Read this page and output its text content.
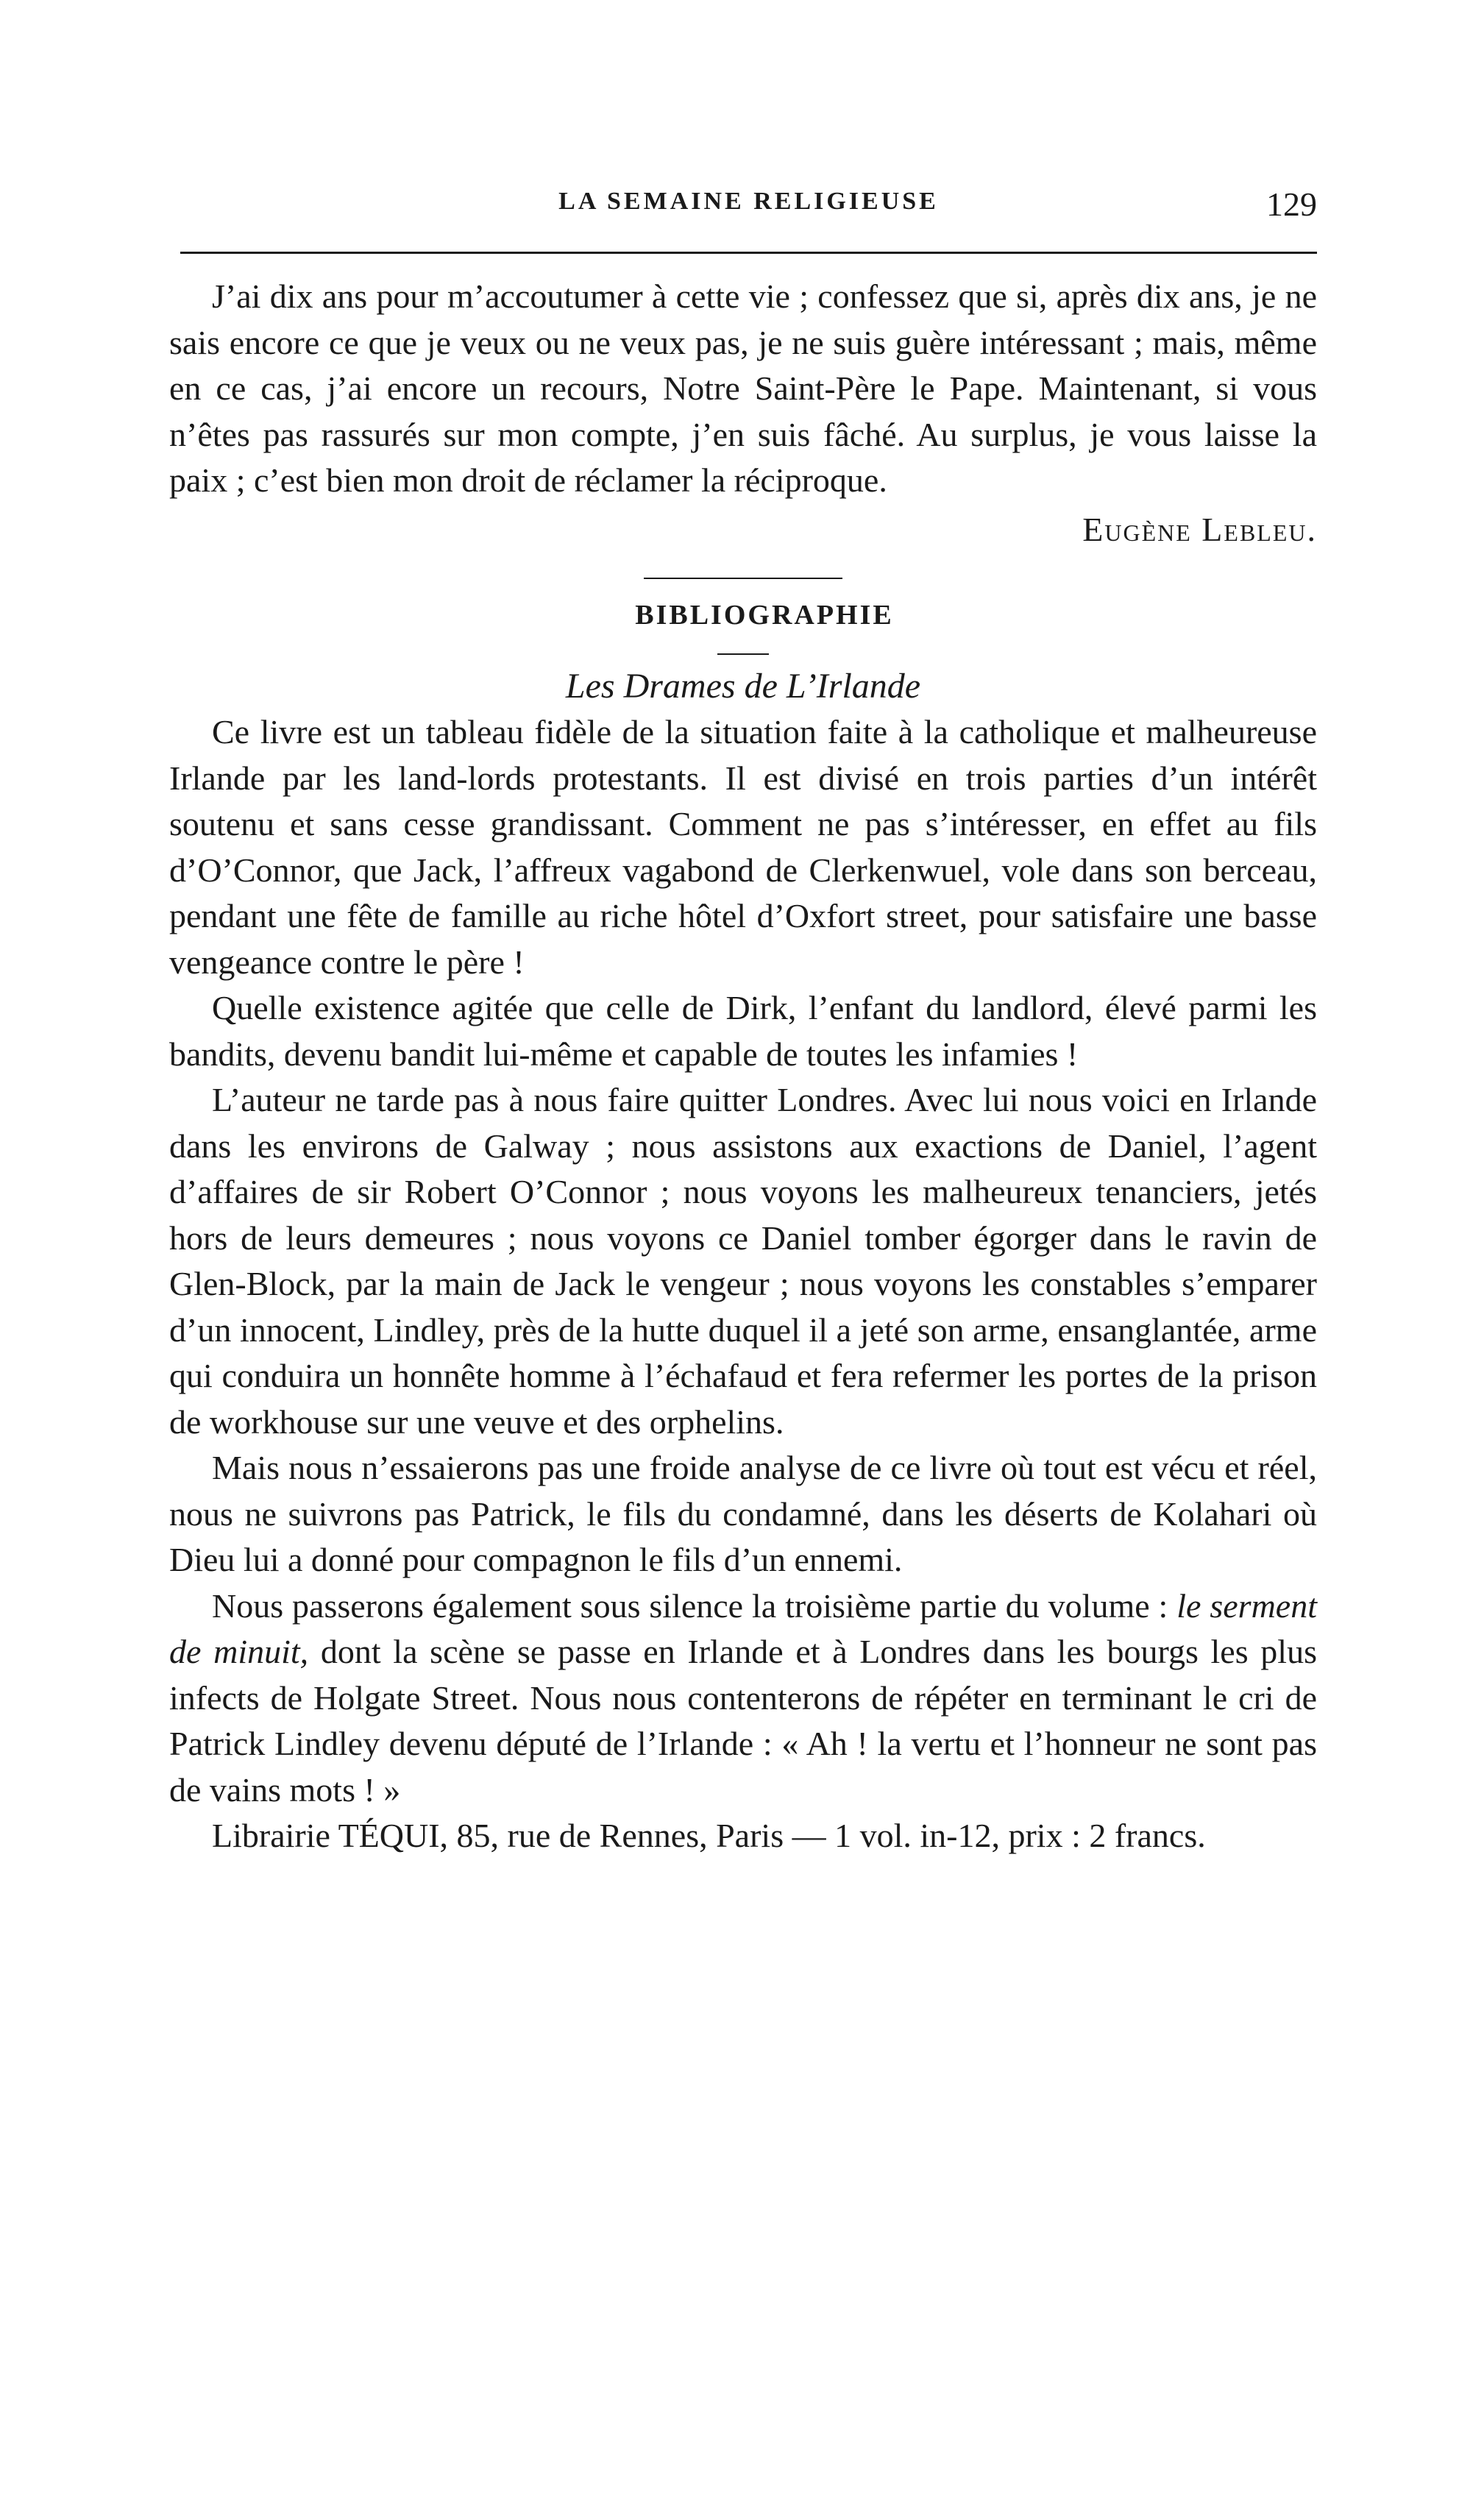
LA SEMAINE RELIGIEUSE	129

J’ai dix ans pour m’accoutumer à cette vie ; confessez que si, après dix ans, je ne sais encore ce que je veux ou ne veux pas, je ne suis guère intéressant ; mais, même en ce cas, j’ai encore un recours, Notre Saint-Père le Pape. Maintenant, si vous n’êtes pas rassurés sur mon compte, j’en suis fâché. Au surplus, je vous laisse la paix ; c’est bien mon droit de réclamer la réciproque.

Eugène Lebleu.

BIBLIOGRAPHIE

Les Drames de L’Irlande

Ce livre est un tableau fidèle de la situation faite à la catholique et malheureuse Irlande par les land-lords protestants. Il est divisé en trois parties d’un intérêt soutenu et sans cesse grandissant. Comment ne pas s’intéresser, en effet au fils d’O’Connor, que Jack, l’affreux vagabond de Clerkenwuel, vole dans son berceau, pendant une fête de famille au riche hôtel d’Oxfort street, pour satisfaire une basse vengeance contre le père !

Quelle existence agitée que celle de Dirk, l’enfant du landlord, élevé parmi les bandits, devenu bandit lui-même et capable de toutes les infamies !

L’auteur ne tarde pas à nous faire quitter Londres. Avec lui nous voici en Irlande dans les environs de Galway ; nous assistons aux exactions de Daniel, l’agent d’affaires de sir Robert O’Connor ; nous voyons les malheureux tenanciers, jetés hors de leurs demeures ; nous voyons ce Daniel tomber égorger dans le ravin de Glen-Block, par la main de Jack le vengeur ; nous voyons les constables s’emparer d’un innocent, Lindley, près de la hutte duquel il a jeté son arme, ensanglantée, arme qui conduira un honnête homme à l’échafaud et fera refermer les portes de la prison de workhouse sur une veuve et des orphelins.

Mais nous n’essaierons pas une froide analyse de ce livre où tout est vécu et réel, nous ne suivrons pas Patrick, le fils du condamné, dans les déserts de Kolahari où Dieu lui a donné pour compagnon le fils d’un ennemi.

Nous passerons également sous silence la troisième partie du volume : le serment de minuit, dont la scène se passe en Irlande et à Londres dans les bourgs les plus infects de Holgate Street. Nous nous contenterons de répéter en terminant le cri de Patrick Lindley devenu député de l’Irlande : « Ah ! la vertu et l’honneur ne sont pas de vains mots ! »

Librairie TÉQUI, 85, rue de Rennes, Paris — 1 vol. in-12, prix : 2 francs.
